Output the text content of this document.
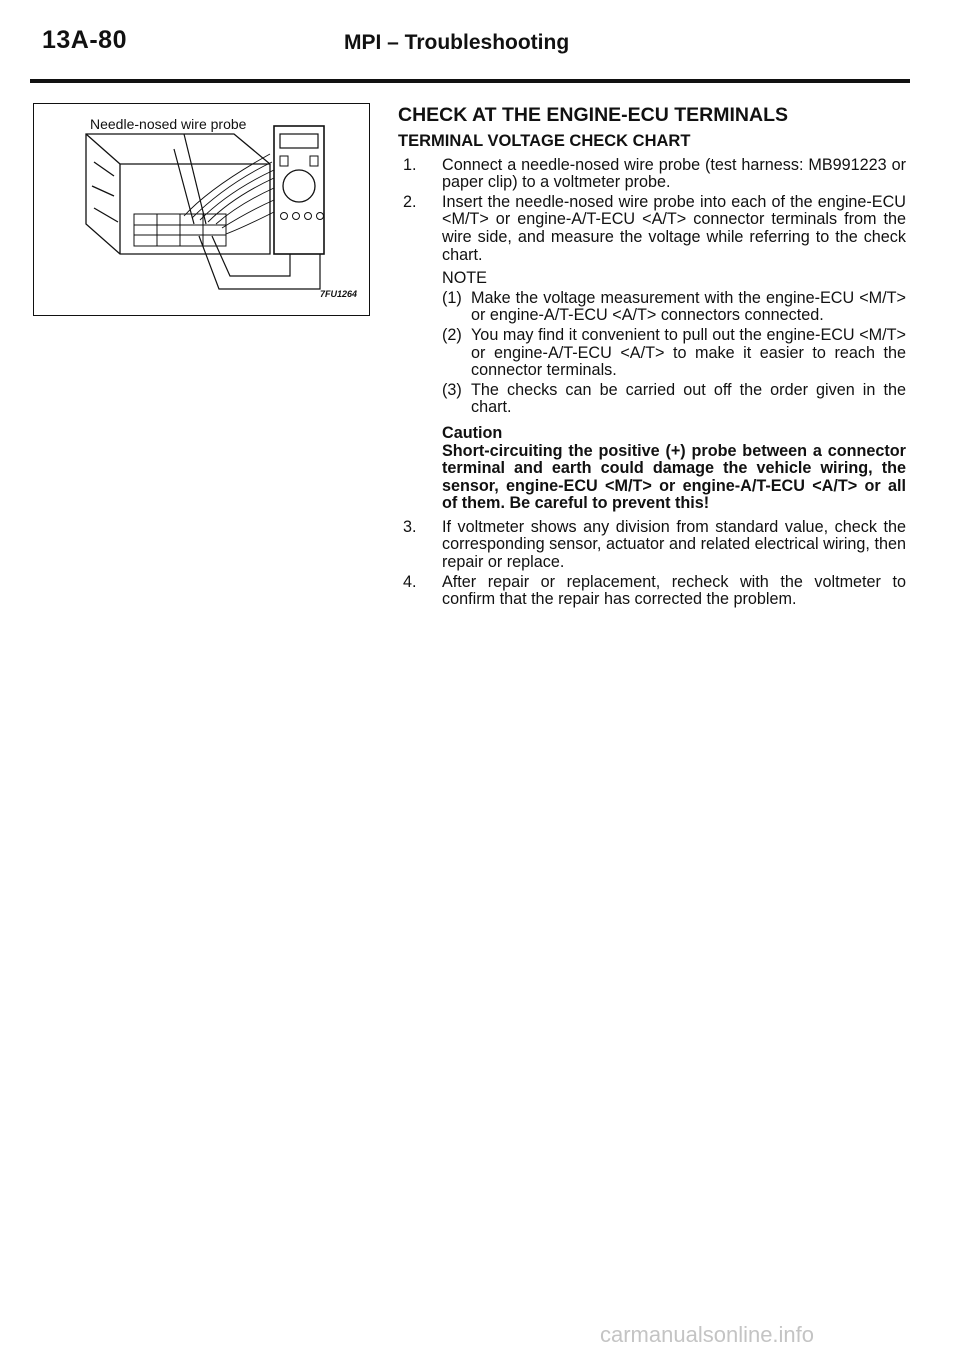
13A-80	MPI – Troubleshooting
Needle-nosed wire probe
7FU1264
CHECK AT THE ENGINE-ECU TERMINALS
TERMINAL VOLTAGE CHECK CHART
1. Connect a needle-nosed wire probe (test harness: MB991223 or paper clip) to a voltmeter probe.
2. Insert the needle-nosed wire probe into each of the engine-ECU <M/T> or engine-A/T-ECU <A/T> connector terminals from the wire side, and measure the voltage while referring to the check chart.
NOTE
(1) Make the voltage measurement with the engine-ECU <M/T> or engine-A/T-ECU <A/T> connectors connected.
(2) You may find it convenient to pull out the engine-ECU <M/T> or engine-A/T-ECU <A/T> to make it easier to reach the connector terminals.
(3) The checks can be carried out off the order given in the chart.
Caution
Short-circuiting the positive (+) probe between a connector terminal and earth could damage the vehicle wiring, the sensor, engine-ECU <M/T> or engine-A/T-ECU <A/T> or all of them. Be careful to prevent this!
3. If voltmeter shows any division from standard value, check the corresponding sensor, actuator and related electrical wiring, then repair or replace.
4. After repair or replacement, recheck with the voltmeter to confirm that the repair has corrected the problem.
carmanualsonline.info
